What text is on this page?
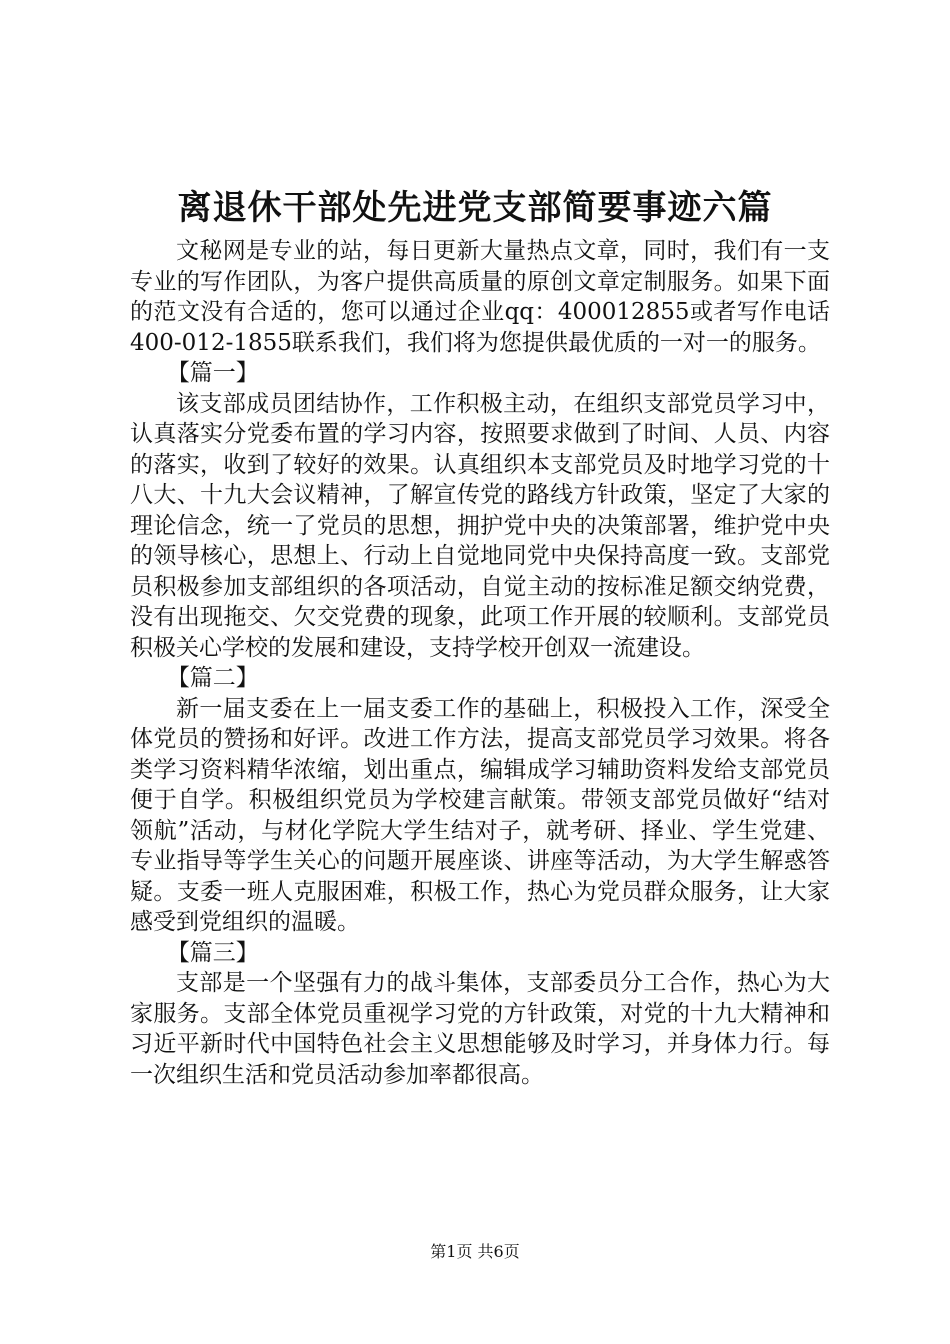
离退休干部处先进党支部简要事迹六篇

文秘网是专业的站，每日更新大量热点文章，同时，我们有一支专业的写作团队，为客户提供高质量的原创文章定制服务。如果下面的范文没有合适的，您可以通过企业qq：400012855或者写作电话400-012-1855联系我们，我们将为您提供最优质的一对一的服务。

【篇一】

该支部成员团结协作，工作积极主动，在组织支部党员学习中，认真落实分党委布置的学习内容，按照要求做到了时间、人员、内容的落实，收到了较好的效果。认真组织本支部党员及时地学习党的十八大、十九大会议精神，了解宣传党的路线方针政策，坚定了大家的理论信念，统一了党员的思想，拥护党中央的决策部署，维护党中央的领导核心，思想上、行动上自觉地同党中央保持高度一致。支部党员积极参加支部组织的各项活动，自觉主动的按标准足额交纳党费，没有出现拖交、欠交党费的现象，此项工作开展的较顺利。支部党员积极关心学校的发展和建设，支持学校开创双一流建设。

【篇二】

新一届支委在上一届支委工作的基础上，积极投入工作，深受全体党员的赞扬和好评。改进工作方法，提高支部党员学习效果。将各类学习资料精华浓缩，划出重点，编辑成学习辅助资料发给支部党员便于自学。积极组织党员为学校建言献策。带领支部党员做好“结对领航”活动，与材化学院大学生结对子，就考研、择业、学生党建、专业指导等学生关心的问题开展座谈、讲座等活动，为大学生解惑答疑。支委一班人克服困难，积极工作，热心为党员群众服务，让大家感受到党组织的温暖。

【篇三】

支部是一个坚强有力的战斗集体，支部委员分工合作，热心为大家服务。支部全体党员重视学习党的方针政策，对党的十九大精神和习近平新时代中国特色社会主义思想能够及时学习，并身体力行。每一次组织生活和党员活动参加率都很高。

第1页 共6页
